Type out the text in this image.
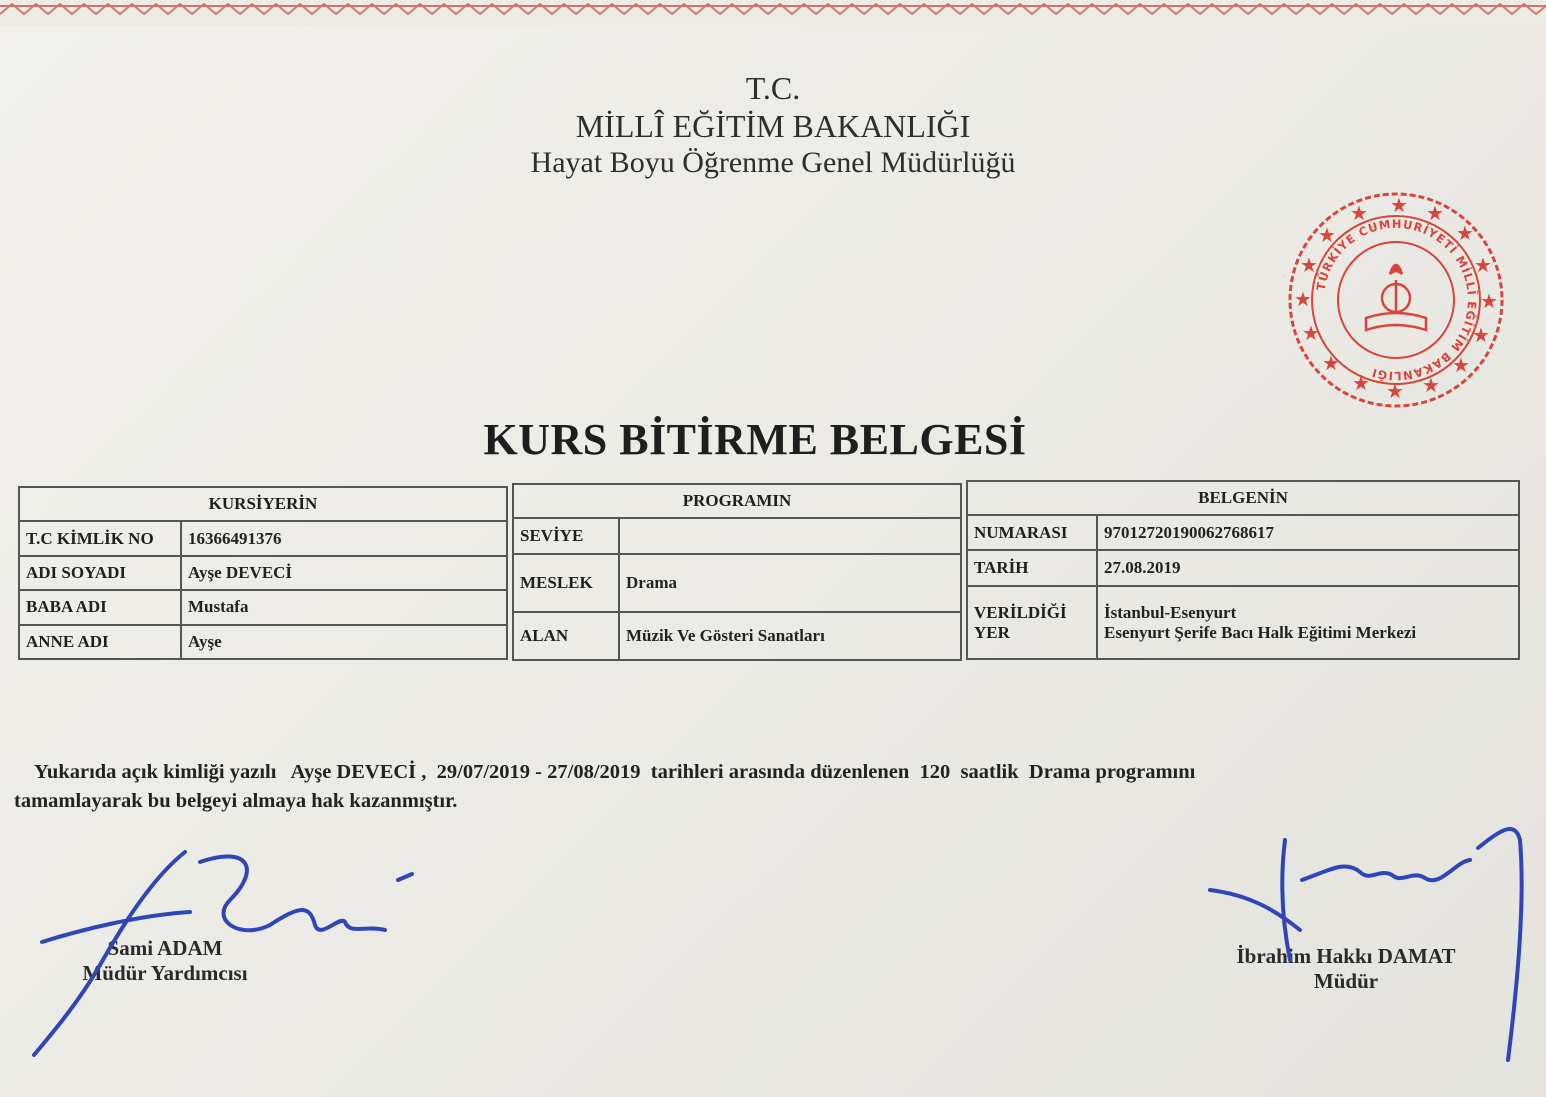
T.C.
MİLLÎ EĞİTİM BAKANLIĞI
Hayat Boyu Öğrenme Genel Müdürlüğü
★ ★
★
★
★
★
★
★
★
★
★
★
★
★
★
★
TÜRKİYE CUMHURİYETİ MİLLÎ EĞİTİM BAKANLIĞI
KURS BİTİRME BELGESİ
KURSİYERİN	
T.C KİMLİK NO	16366491376
ADI SOYADI	Ayşe DEVECİ
BABA ADI	Mustafa
ANNE ADI	Ayşe
PROGRAMIN	
SEVİYE	
MESLEK	Drama
ALAN	Müzik Ve Gösteri Sanatları
BELGENİN	
NUMARASI	97012720190062768617
TARİH	27.08.2019

VERİLDİĞİ
YER	İstanbul-Esenyurt
Esenyurt Şerife Bacı Halk Eğitimi Merkezi
Yukarıda açık kimliği yazılı   Ayşe DEVECİ ,  29/07/2019 - 27/08/2019  tarihleri arasında düzenlenen  120  saatlik  Drama programını
tamamlayarak bu belgeyi almaya hak kazanmıştır.
Sami ADAM
Müdür Yardımcısı
İbrahim Hakkı DAMAT
Müdür
